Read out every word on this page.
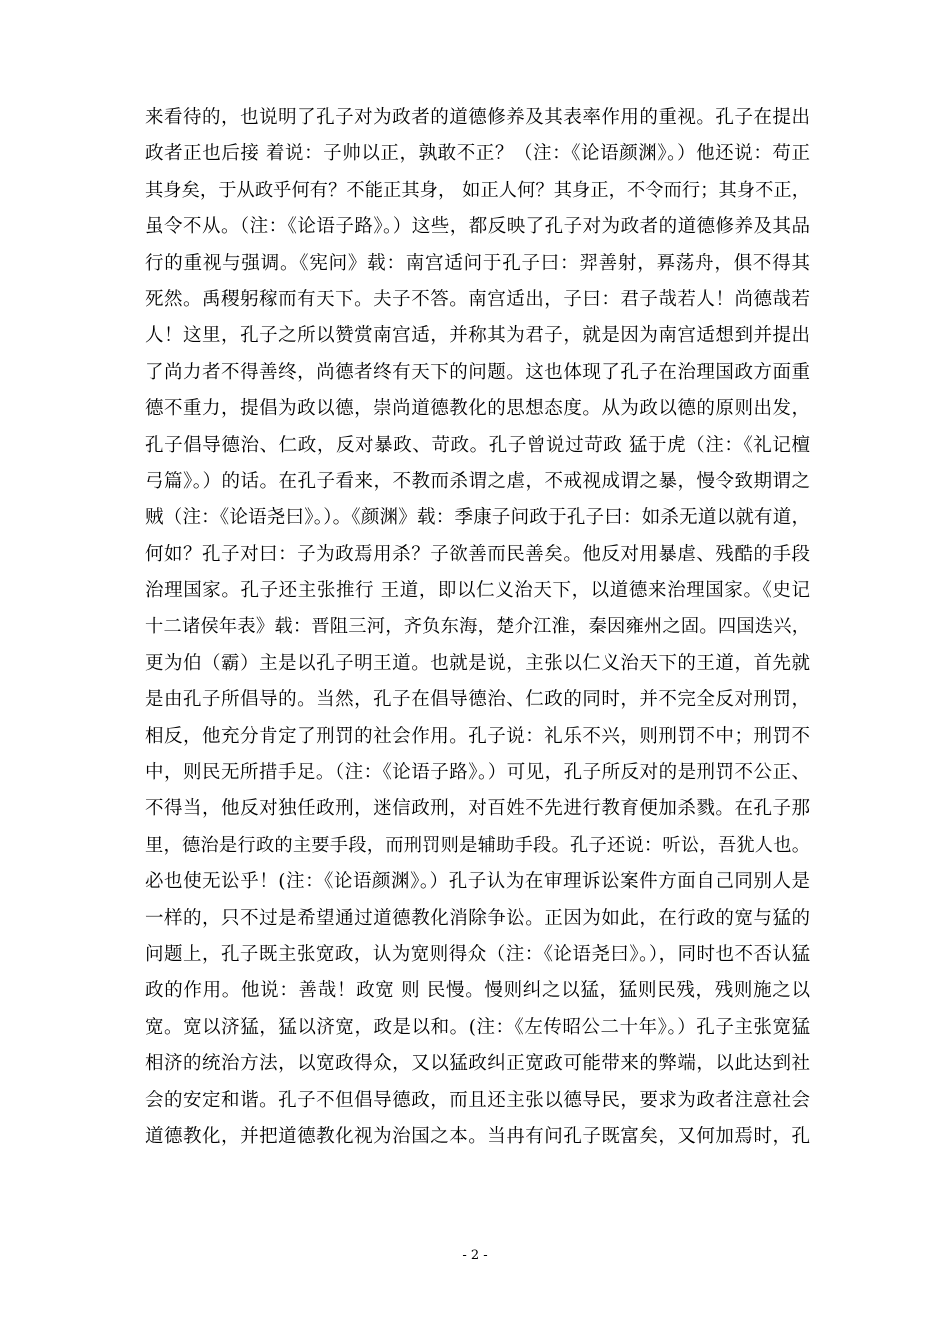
来看待的，也说明了孔子对为政者的道德修养及其表率作用的重视。孔子在提出
政者正也后接 着说：子帅以正，孰敢不正？（注：《论语颜渊》。）他还说：苟正
其身矣，于从政乎何有？不能正其身， 如正人何？其身正，不令而行；其身不正，
虽令不从。（注：《论语子路》。）这些，都反映了孔子对为政者的道德修养及其品
行的重视与强调。《宪问》载：南宫适问于孔子曰：羿善射，奡荡舟，俱不得其
死然。禹稷躬稼而有天下。夫子不答。南宫适出，子曰：君子哉若人！尚德哉若
人！这里，孔子之所以赞赏南宫适，并称其为君子，就是因为南宫适想到并提出
了尚力者不得善终，尚德者终有天下的问题。这也体现了孔子在治理国政方面重
德不重力，提倡为政以德，崇尚道德教化的思想态度。从为政以德的原则出发，
孔子倡导德治、仁政，反对暴政、苛政。孔子曾说过苛政 猛于虎（注：《礼记檀
弓篇》。）的话。在孔子看来，不教而杀谓之虐，不戒视成谓之暴，慢令致期谓之
贼（注：《论语尧曰》。）。《颜渊》载：季康子问政于孔子曰：如杀无道以就有道，
何如？孔子对曰：子为政焉用杀？子欲善而民善矣。他反对用暴虐、残酷的手段
治理国家。孔子还主张推行 王道，即以仁义治天下，以道德来治理国家。《史记
十二诸侯年表》载：晋阻三河，齐负东海，楚介江淮，秦因雍州之固。四国迭兴，
更为伯（霸）主是以孔子明王道。也就是说，主张以仁义治天下的王道，首先就
是由孔子所倡导的。当然，孔子在倡导德治、仁政的同时，并不完全反对刑罚，
相反，他充分肯定了刑罚的社会作用。孔子说：礼乐不兴，则刑罚不中；刑罚不
中，则民无所措手足。（注：《论语子路》。）可见，孔子所反对的是刑罚不公正、
不得当，他反对独任政刑，迷信政刑，对百姓不先进行教育便加杀戮。在孔子那
里，德治是行政的主要手段，而刑罚则是辅助手段。孔子还说：听讼，吾犹人也。
必也使无讼乎！(注：《论语颜渊》。）孔子认为在审理诉讼案件方面自己同别人是
一样的，只不过是希望通过道德教化消除争讼。正因为如此，在行政的宽与猛的
问题上，孔子既主张宽政，认为宽则得众（注：《论语尧曰》。），同时也不否认猛
政的作用。他说：善哉！政宽 则 民慢。慢则纠之以猛，猛则民残，残则施之以
宽。宽以济猛，猛以济宽，政是以和。(注：《左传昭公二十年》。）孔子主张宽猛
相济的统治方法，以宽政得众，又以猛政纠正宽政可能带来的弊端，以此达到社
会的安定和谐。孔子不但倡导德政，而且还主张以德导民，要求为政者注意社会
道德教化，并把道德教化视为治国之本。当冉有问孔子既富矣，又何加焉时，孔
- 2 -
